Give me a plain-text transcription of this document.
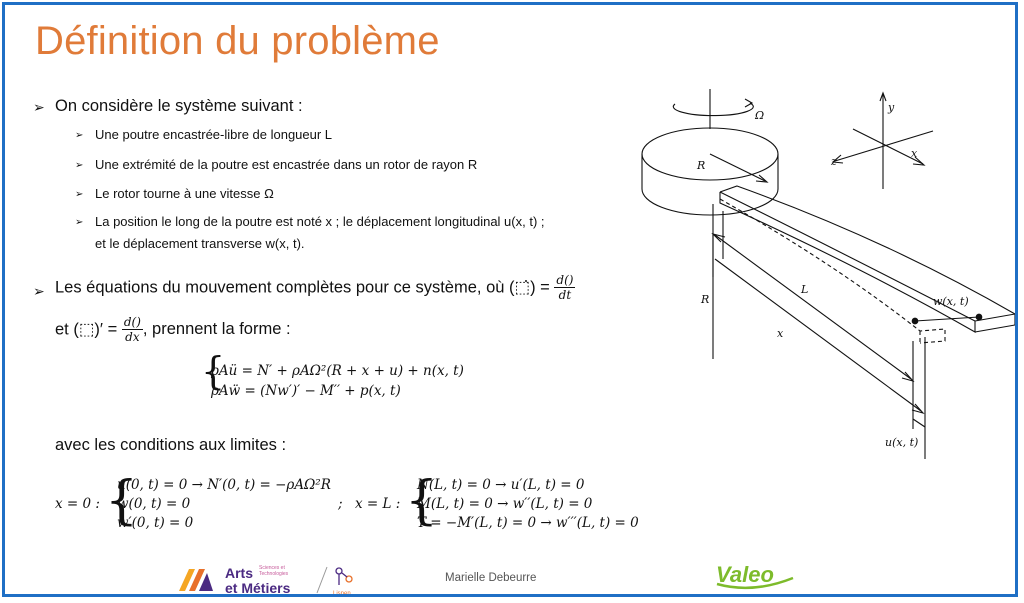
Définition du problème
➢ On considère le système suivant :
➢ Une poutre encastrée-libre de longueur L
➢ Une extrémité de la poutre est encastrée dans un rotor de rayon R
➢ Le rotor tourne à une vitesse Ω
➢ La position le long de la poutre est noté x ; le déplacement longitudinal u(x, t) ;
et le déplacement transverse w(x, t).
➢ Les équations du mouvement complètes pour ce système, où (⬚̇) = $\frac{d()}{dt}$
et (⬚)′ = $\frac{d()}{dx}$ , prennent la forme :
{
ρAü = N′ + ρAΩ²(R + x + u) + n(x, t)
ρAẅ = (Nw′)′ − M′′ + p(x, t)
avec les conditions aux limites :
x = 0 : {
u(0, t) = 0 → N′(0, t) = −ρAΩ²R
w(0, t) = 0
w′(0, t) = 0
; x = L : {
N(L, t) = 0 → u′(L, t) = 0
M(L, t) = 0 → w′′(L, t) = 0
T = −M′(L, t) = 0 → w′′′(L, t) = 0
Ω
R
R
L
x
w(x, t)
u(x, t)
y
x
z
Arts
et Métiers
Sciences et
Technologies
Lispen
Marielle Debeurre	Valeo
